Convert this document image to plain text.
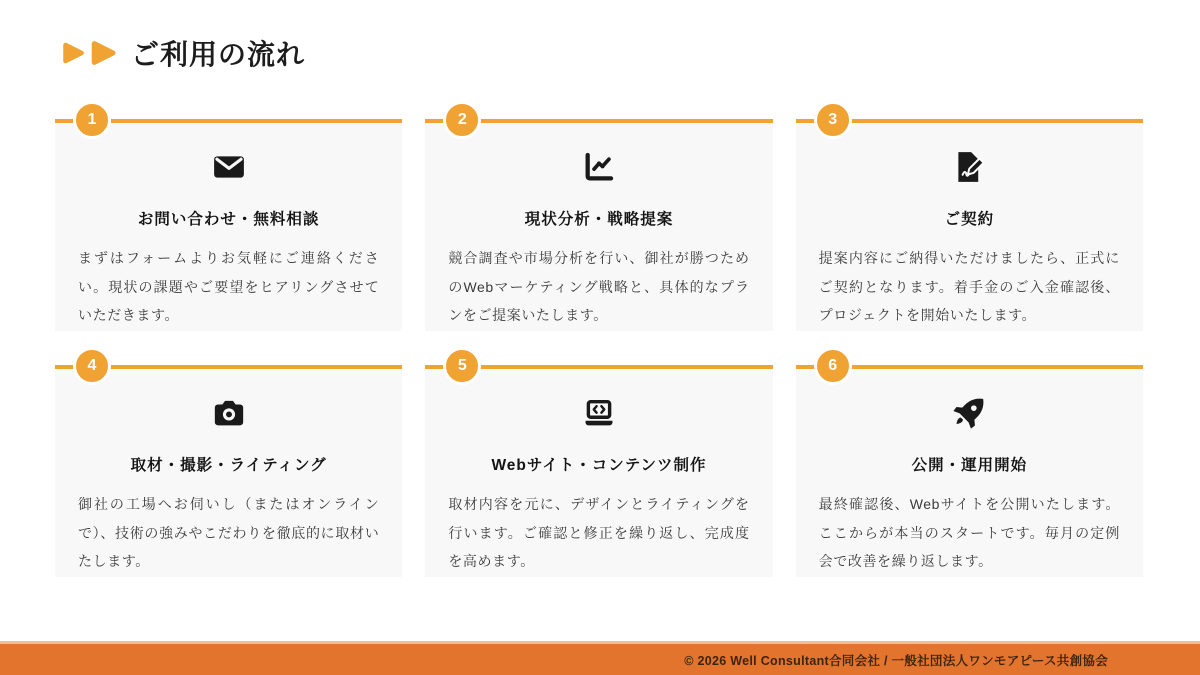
ご利用の流れ
1
お問い合わせ・無料相談
まずはフォームよりお気軽にご連絡ください。現状の課題やご要望をヒアリングさせていただきます。
2
現状分析・戦略提案
競合調査や市場分析を行い、御社が勝つためのWebマーケティング戦略と、具体的なプランをご提案いたします。
3
ご契約
提案内容にご納得いただけましたら、正式にご契約となります。着手金のご入金確認後、プロジェクトを開始いたします。
4
取材・撮影・ライティング
御社の工場へお伺いし（またはオンラインで）、技術の強みやこだわりを徹底的に取材いたします。
5
Webサイト・コンテンツ制作
取材内容を元に、デザインとライティングを行います。ご確認と修正を繰り返し、完成度を高めます。
6
公開・運用開始
最終確認後、Webサイトを公開いたします。ここからが本当のスタートです。毎月の定例会で改善を繰り返します。
© 2026 Well Consultant合同会社 / 一般社団法人ワンモアピース共創協会
